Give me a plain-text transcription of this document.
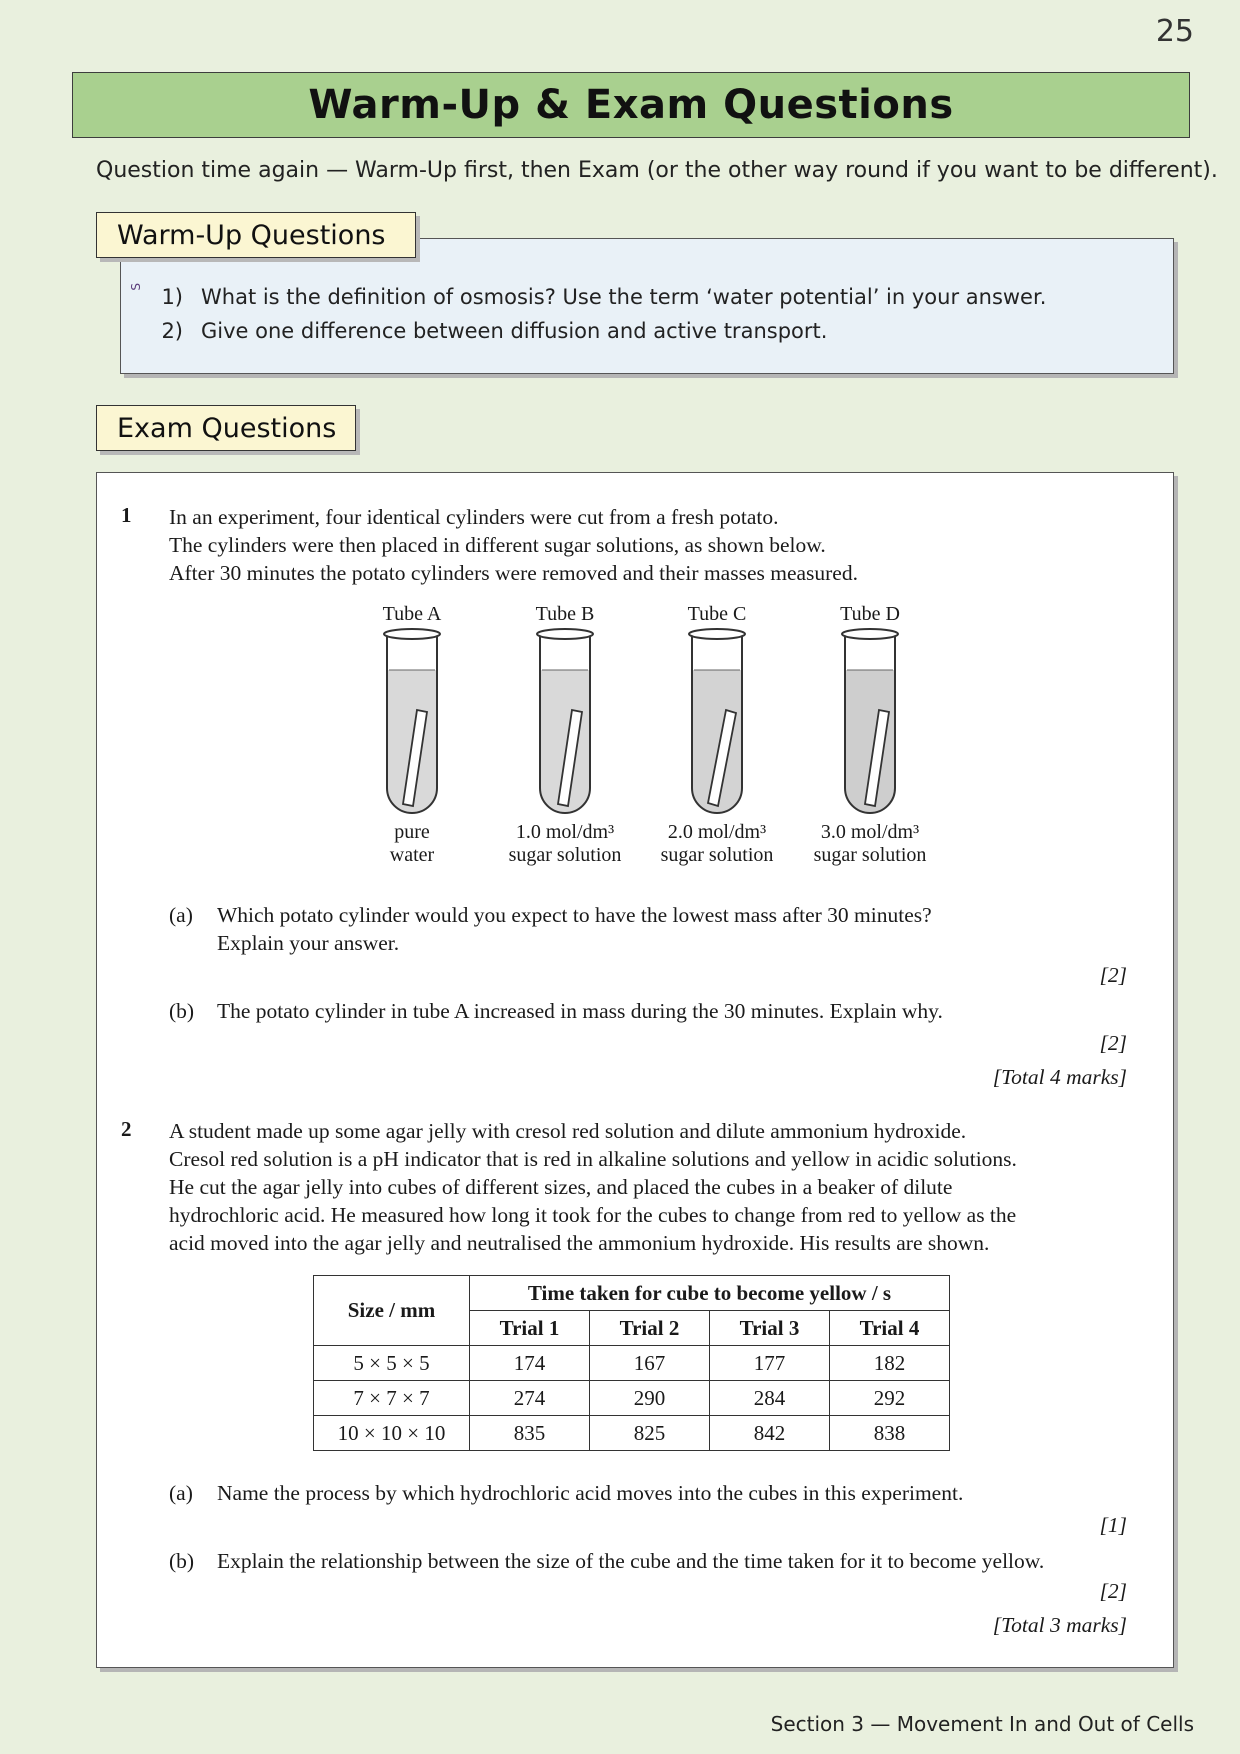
25
Warm-Up & Exam Questions
Question time again — Warm-Up first, then Exam (or the other way round if you want to be different).
Warm-Up Questions
S 1) What is the definition of osmosis? Use the term ‘water potential’ in your answer.
2) Give one difference between diffusion and active transport.
Exam Questions
1 In an experiment, four identical cylinders were cut from a fresh potato.
The cylinders were then placed in different sugar solutions, as shown below.
After 30 minutes the potato cylinders were removed and their masses measured.
Tube A
pure
water
Tube B
1.0 mol/dm³
sugar solution
Tube C
2.0 mol/dm³
sugar solution
Tube D
3.0 mol/dm³
sugar solution
(a) Which potato cylinder would you expect to have the lowest mass after 30 minutes?
Explain your answer.
[2]
(b) The potato cylinder in tube A increased in mass during the 30 minutes. Explain why.
[2]
[Total 4 marks]
2 A student made up some agar jelly with cresol red solution and dilute ammonium hydroxide.
Cresol red solution is a pH indicator that is red in alkaline solutions and yellow in acidic solutions.
He cut the agar jelly into cubes of different sizes, and placed the cubes in a beaker of dilute
hydrochloric acid. He measured how long it took for the cubes to change from red to yellow as the
acid moved into the agar jelly and neutralised the ammonium hydroxide. His results are shown.
Size / mm	Time taken for cube to become yellow / s			
	Trial 1	Trial 2	Trial 3	Trial 4
5 × 5 × 5	174	167	177	182
7 × 7 × 7	274	290	284	292
10 × 10 × 10	835	825	842	838
(a) Name the process by which hydrochloric acid moves into the cubes in this experiment.
[1]
(b) Explain the relationship between the size of the cube and the time taken for it to become yellow.
[2]
[Total 3 marks]
Section 3 — Movement In and Out of Cells
